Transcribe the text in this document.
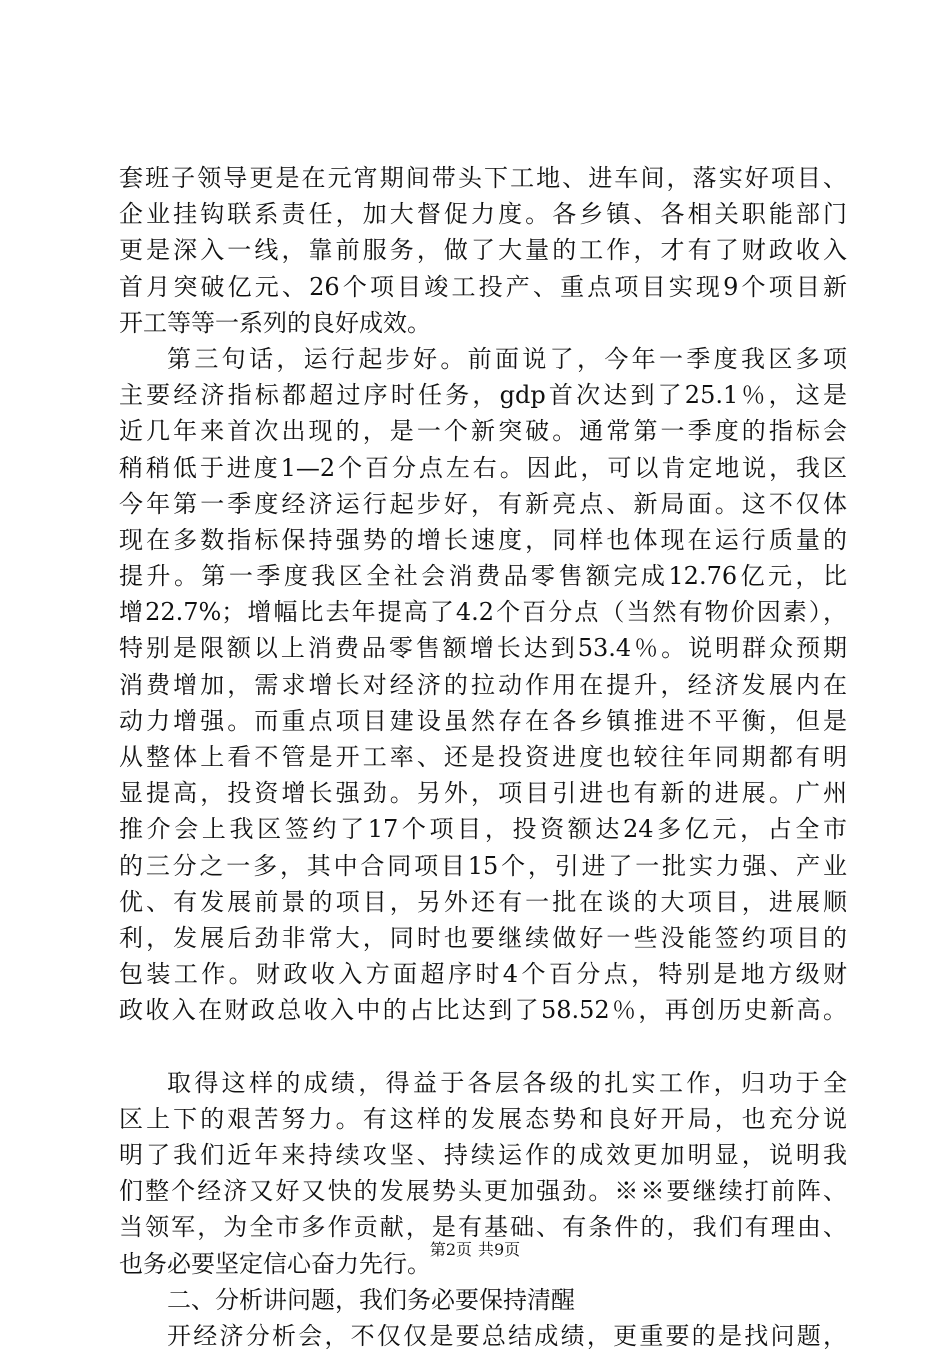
套班子领导更是在元宵期间带头下工地、进车间，落实好项目、
企业挂钩联系责任，加大督促力度。各乡镇、各相关职能部门
更是深入一线，靠前服务，做了大量的工作，才有了财政收入
首月突破亿元、26个项目竣工投产、重点项目实现9个项目新
开工等等一系列的良好成效。
第三句话，运行起步好。前面说了，今年一季度我区多项
主要经济指标都超过序时任务，gdp首次达到了25.1％，这是
近几年来首次出现的，是一个新突破。通常第一季度的指标会
稍稍低于进度1—2个百分点左右。因此，可以肯定地说，我区
今年第一季度经济运行起步好，有新亮点、新局面。这不仅体
现在多数指标保持强势的增长速度，同样也体现在运行质量的
提升。第一季度我区全社会消费品零售额完成12.76亿元，比
增22.7%；增幅比去年提高了4.2个百分点（当然有物价因素），
特别是限额以上消费品零售额增长达到53.4％。说明群众预期
消费增加，需求增长对经济的拉动作用在提升，经济发展内在
动力增强。而重点项目建设虽然存在各乡镇推进不平衡，但是
从整体上看不管是开工率、还是投资进度也较往年同期都有明
显提高，投资增长强劲。另外，项目引进也有新的进展。广州
推介会上我区签约了17个项目，投资额达24多亿元，占全市
的三分之一多，其中合同项目15个，引进了一批实力强、产业
优、有发展前景的项目，另外还有一批在谈的大项目，进展顺
利，发展后劲非常大，同时也要继续做好一些没能签约项目的
包装工作。财政收入方面超序时4个百分点，特别是地方级财
政收入在财政总收入中的占比达到了58.52％，再创历史新高。
取得这样的成绩，得益于各层各级的扎实工作，归功于全
区上下的艰苦努力。有这样的发展态势和良好开局，也充分说
明了我们近年来持续攻坚、持续运作的成效更加明显，说明我
们整个经济又好又快的发展势头更加强劲。※※要继续打前阵、
当领军，为全市多作贡献，是有基础、有条件的，我们有理由、
也务必要坚定信心奋力先行。
二、分析讲问题，我们务必要保持清醒
开经济分析会，不仅仅是要总结成绩，更重要的是找问题，
第2页 共9页
